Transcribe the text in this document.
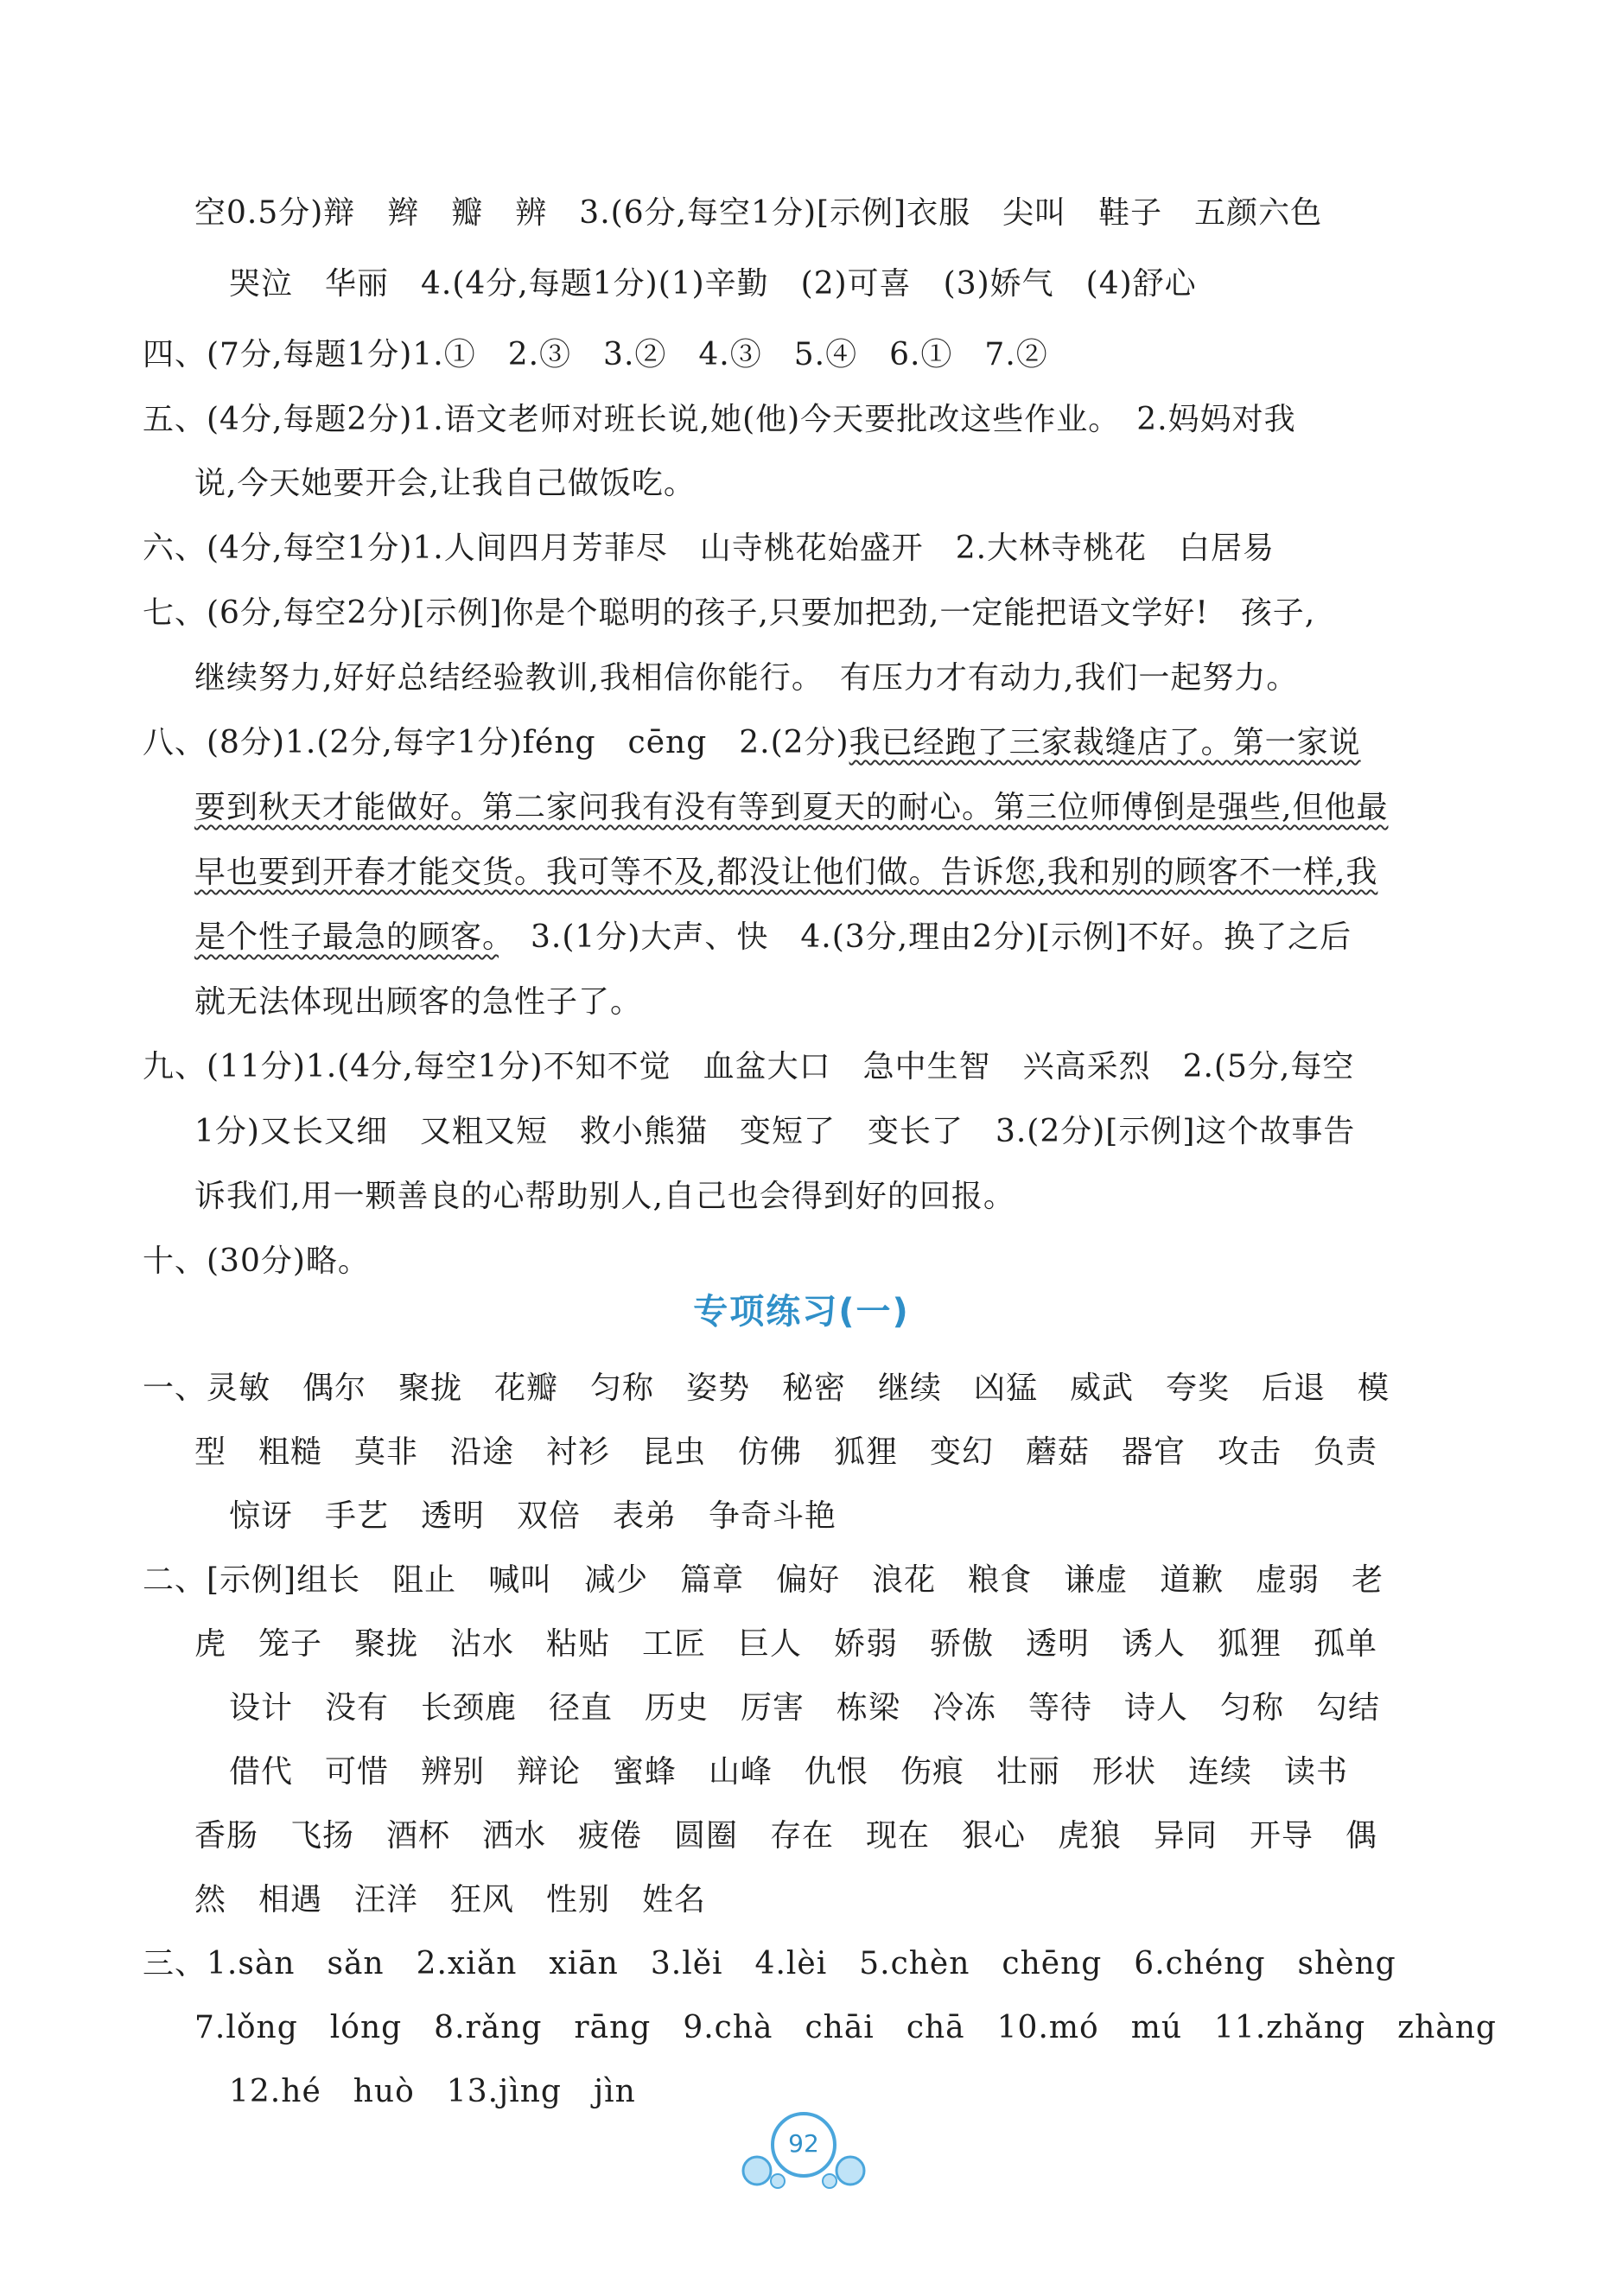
空0.5分)辩　辫　瓣　辨　3.(6分,每空1分)[示例]衣服　尖叫　鞋子　五颜六色
哭泣　华丽　4.(4分,每题1分)(1)辛勤　(2)可喜　(3)娇气　(4)舒心
四、(7分,每题1分)1.①　2.③　3.②　4.③　5.④　6.①　7.②
五、(4分,每题2分)1.语文老师对班长说,她(他)今天要批改这些作业。　2.妈妈对我
说,今天她要开会,让我自己做饭吃。
六、(4分,每空1分)1.人间四月芳菲尽　山寺桃花始盛开　2.大林寺桃花　白居易
七、(6分,每空2分)[示例]你是个聪明的孩子,只要加把劲,一定能把语文学好!　孩子,
继续努力,好好总结经验教训,我相信你能行。　有压力才有动力,我们一起努力。
八、(8分)1.(2分,每字1分)féng　cēng　2.(2分)我已经跑了三家裁缝店了。第一家说
要到秋天才能做好。第二家问我有没有等到夏天的耐心。第三位师傅倒是强些,但他最
早也要到开春才能交货。我可等不及,都没让他们做。告诉您,我和别的顾客不一样,我
是个性子最急的顾客。　3.(1分)大声、快　4.(3分,理由2分)[示例]不好。换了之后
就无法体现出顾客的急性子了。
九、(11分)1.(4分,每空1分)不知不觉　血盆大口　急中生智　兴高采烈　2.(5分,每空
1分)又长又细　又粗又短　救小熊猫　变短了　变长了　3.(2分)[示例]这个故事告
诉我们,用一颗善良的心帮助别人,自己也会得到好的回报。
十、(30分)略。
专项练习(一)
一、灵敏　偶尔　聚拢　花瓣　匀称　姿势　秘密　继续　凶猛　威武　夸奖　后退　模
型　粗糙　莫非　沿途　衬衫　昆虫　仿佛　狐狸　变幻　蘑菇　器官　攻击　负责
惊讶　手艺　透明　双倍　表弟　争奇斗艳
二、[示例]组长　阻止　喊叫　减少　篇章　偏好　浪花　粮食　谦虚　道歉　虚弱　老
虎　笼子　聚拢　沾水　粘贴　工匠　巨人　娇弱　骄傲　透明　诱人　狐狸　孤单
设计　没有　长颈鹿　径直　历史　厉害　栋梁　冷冻　等待　诗人　匀称　勾结
借代　可惜　辨别　辩论　蜜蜂　山峰　仇恨　伤痕　壮丽　形状　连续　读书
香肠　飞扬　酒杯　洒水　疲倦　圆圈　存在　现在　狠心　虎狼　异同　开导　偶
然　相遇　汪洋　狂风　性别　姓名
三、1.sàn　sǎn　2.xiǎn　xiān　3.lěi　4.lèi　5.chèn　chēng　6.chéng　shèng
7.lǒng　lóng　8.rǎng　rāng　9.chà　chāi　chā　10.mó　mú　11.zhǎng　zhàng
12.hé　huò　13.jìng　jìn
92
